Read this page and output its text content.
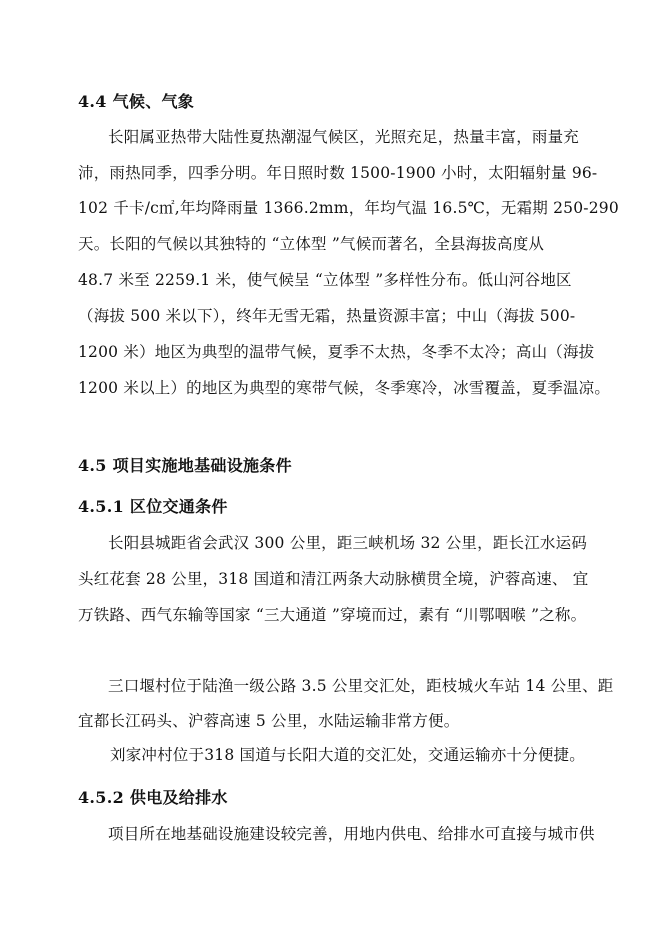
4.4 气候、气象
长阳属亚热带大陆性夏热潮湿气候区，光照充足，热量丰富，雨量充
沛，雨热同季，四季分明。年日照时数 1500-1900 小时，太阳辐射量 96-
102 千卡/c㎡,年均降雨量 1366.2mm，年均气温 16.5℃，无霜期 250-290
天。长阳的气候以其独特的 “立体型 ”气候而著名，全县海拔高度从
48.7 米至 2259.1 米，使气候呈 “立体型 ”多样性分布。低山河谷地区
（海拔 500 米以下），终年无雪无霜，热量资源丰富；中山（海拔 500-
1200 米）地区为典型的温带气候，夏季不太热，冬季不太冷；高山（海拔
1200 米以上）的地区为典型的寒带气候，冬季寒冷，冰雪覆盖，夏季温凉。
4.5 项目实施地基础设施条件
4.5.1 区位交通条件
长阳县城距省会武汉 300 公里，距三峡机场 32 公里，距长江水运码
头红花套 28 公里，318 国道和清江两条大动脉横贯全境，沪蓉高速、 宜
万铁路、西气东输等国家 “三大通道 ”穿境而过，素有 “川鄂咽喉 ”之称。
三口堰村位于陆渔一级公路 3.5 公里交汇处，距枝城火车站 14 公里、距
宜都长江码头、沪蓉高速 5 公里，水陆运输非常方便。
刘家冲村位于318 国道与长阳大道的交汇处，交通运输亦十分便捷。
4.5.2 供电及给排水
项目所在地基础设施建设较完善，用地内供电、给排水可直接与城市供
